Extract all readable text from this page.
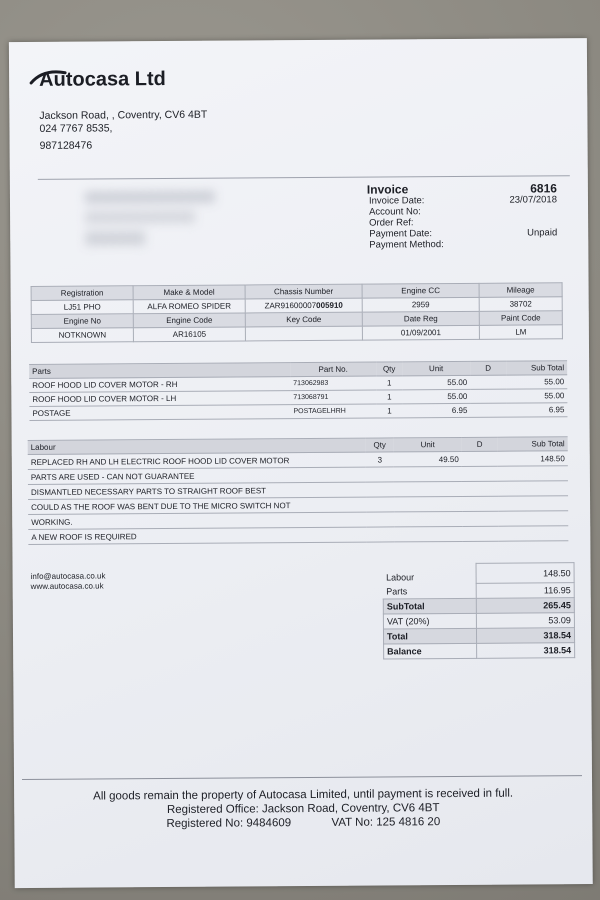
Autocasa Ltd
Jackson Road, , Coventry, CV6 4BT
024 7767 8535,
987128476
Invoice	6816
Invoice Date:	23/07/2018
Account No:
Order Ref:
Payment Date:	Unpaid
Payment Method:
Registration	Make & Model	Chassis Number	Engine CC	Mileage
LJ51 PHO	ALFA ROMEO SPIDER	ZAR91600007005910	2959	38702
Engine No	Engine Code	Key Code	Date Reg	Paint Code
NOTKNOWN	AR16105		01/09/2001	LM
Parts	Part No.	Qty	Unit	D	Sub Total
ROOF HOOD LID COVER MOTOR - RH	713062983	1	55.00		55.00
ROOF HOOD LID COVER MOTOR - LH	713068791	1	55.00		55.00
POSTAGE	POSTAGELHRH	1	6.95		6.95
Labour	Qty	Unit	D	Sub Total
REPLACED RH AND LH ELECTRIC ROOF HOOD LID COVER MOTOR	3	49.50		148.50
PARTS ARE USED - CAN NOT GUARANTEE				
DISMANTLED NECESSARY PARTS TO STRAIGHT ROOF BEST				
COULD AS THE ROOF WAS BENT DUE TO THE MICRO SWITCH NOT				
WORKING.				
A NEW ROOF IS REQUIRED				
info@autocasa.co.uk
www.autocasa.co.uk
Labour	148.50
Parts	116.95
SubTotal	265.45
VAT (20%)	53.09
Total	318.54
Balance	318.54
All goods remain the property of Autocasa Limited, until payment is received in full.
Registered Office: Jackson Road, Coventry, CV6 4BT
Registered No: 9484609	VAT No: 125 4816 20
